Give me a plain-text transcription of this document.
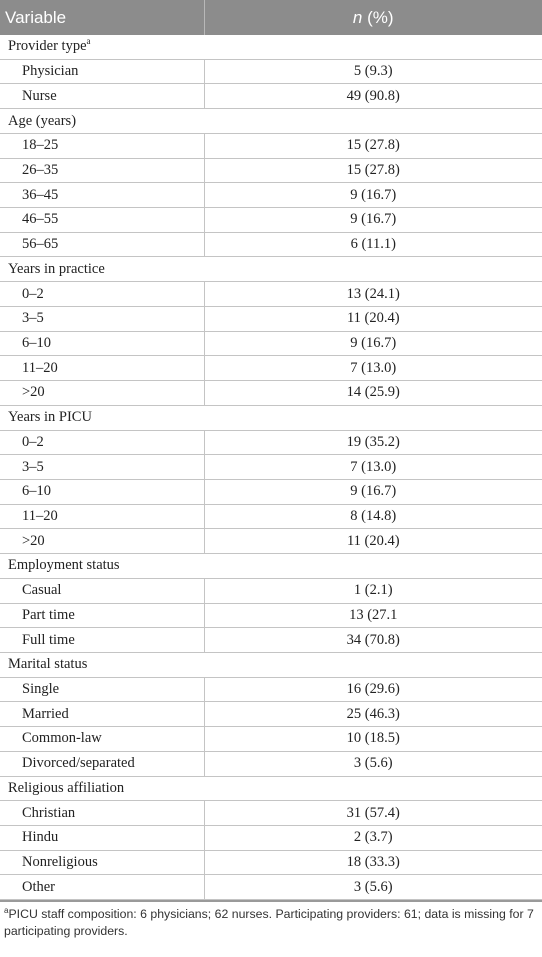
Variable	n (%)
Provider type$^a$
Physician	5 (9.3)
Nurse	49 (90.8)
Age (years)	
18–25	15 (27.8)
26–35	15 (27.8)
36–45	9 (16.7)
46–55	9 (16.7)
56–65	6 (11.1)
Years in practice	
0–2	13 (24.1)
3–5	11 (20.4)
6–10	9 (16.7)
11–20	7 (13.0)
>20	14 (25.9)
Years in PICU	
0–2	19 (35.2)
3–5	7 (13.0)
6–10	9 (16.7)
11–20	8 (14.8)
>20	11 (20.4)
Employment status	
Casual	1 (2.1)
Part time	13 (27.1
Full time	34 (70.8)
Marital status	
Single	16 (29.6)
Married	25 (46.3)
Common-law	10 (18.5)
Divorced/separated	3 (5.6)
Religious affiliation	
Christian	31 (57.4)
Hindu	2 (3.7)
Nonreligious	18 (33.3)
Other	3 (5.6)
$^a$PICU staff composition: 6 physicians; 62 nurses. Participating providers: 61; data is missing for 7 participating providers.
